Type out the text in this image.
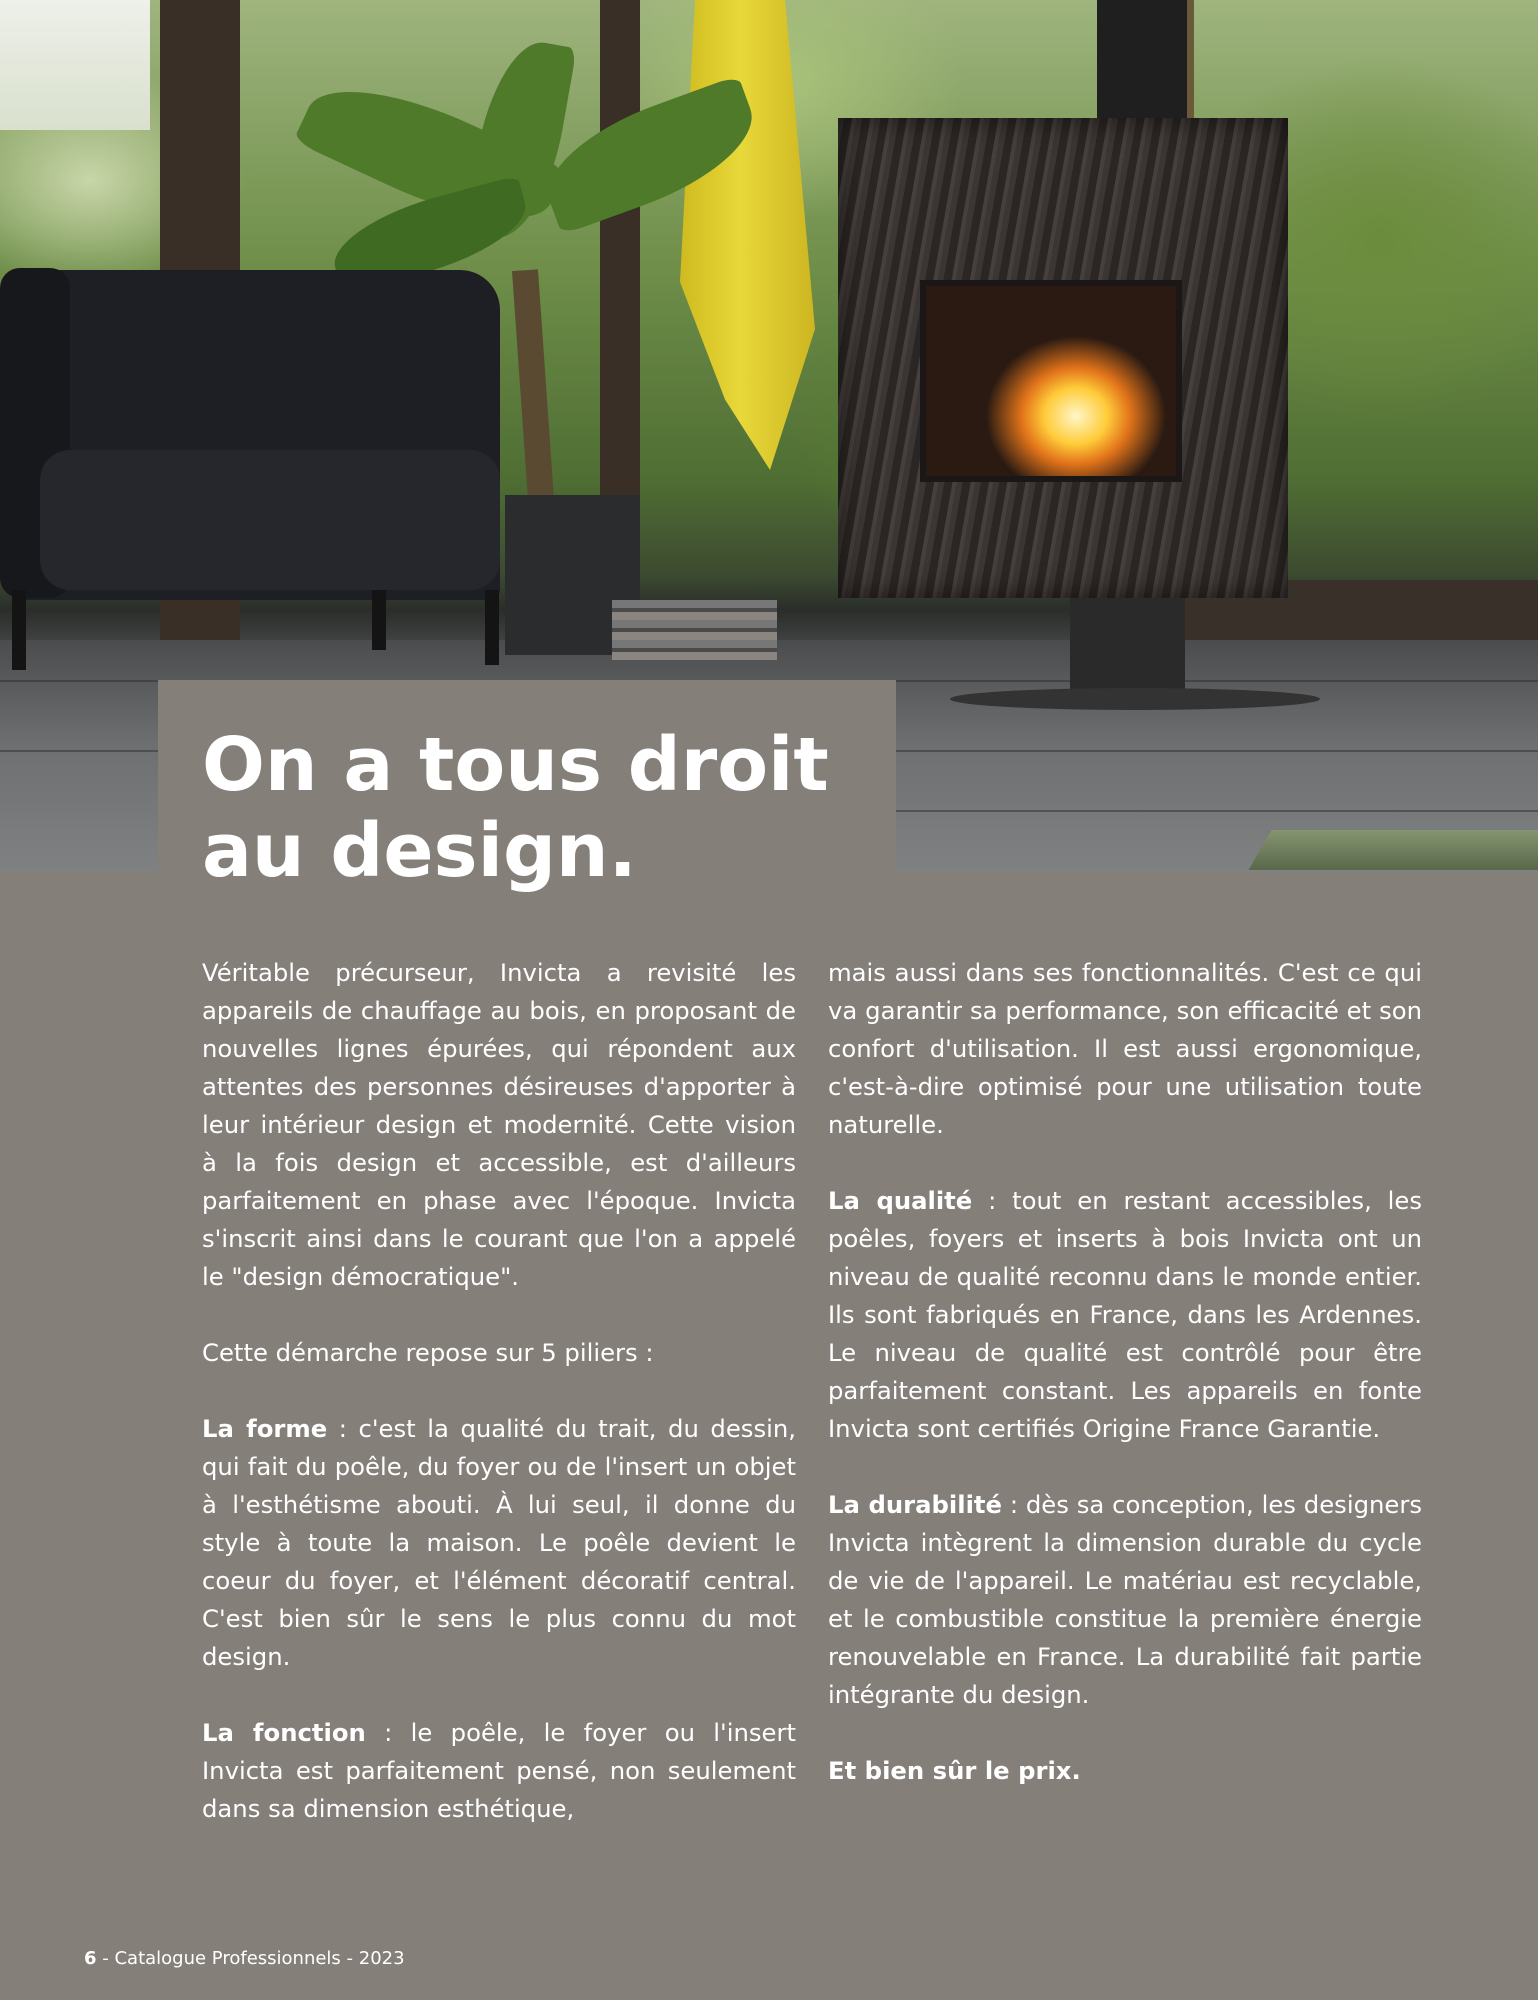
On a tous droit
au design.

Véritable précurseur, Invicta a revisité les appareils de chauffage au bois, en proposant de nouvelles lignes épurées, qui répondent aux attentes des personnes désireuses d'apporter à leur intérieur design et modernité. Cette vision à la fois design et accessible, est d'ailleurs parfaitement en phase avec l'époque. Invicta s'inscrit ainsi dans le courant que l'on a appelé le "design démocratique".

Cette démarche repose sur 5 piliers :

La forme : c'est la qualité du trait, du dessin, qui fait du poêle, du foyer ou de l'insert un objet à l'esthétisme abouti. À lui seul, il donne du style à toute la maison. Le poêle devient le coeur du foyer, et l'élément décoratif central. C'est bien sûr le sens le plus connu du mot design.

La fonction : le poêle, le foyer ou l'insert Invicta est parfaitement pensé, non seulement dans sa dimension esthétique,

mais aussi dans ses fonctionnalités. C'est ce qui va garantir sa performance, son efficacité et son confort d'utilisation. Il est aussi ergonomique, c'est-à-dire optimisé pour une utilisation toute naturelle.

La qualité : tout en restant accessibles, les poêles, foyers et inserts à bois Invicta ont un niveau de qualité reconnu dans le monde entier. Ils sont fabriqués en France, dans les Ardennes. Le niveau de qualité est contrôlé pour être parfaitement constant. Les appareils en fonte Invicta sont certifiés Origine France Garantie.

La durabilité : dès sa conception, les designers Invicta intègrent la dimension durable du cycle de vie de l'appareil. Le matériau est recyclable, et le combustible constitue la première énergie renouvelable en France. La durabilité fait partie intégrante du design.

Et bien sûr le prix.

6 - Catalogue Professionnels - 2023
